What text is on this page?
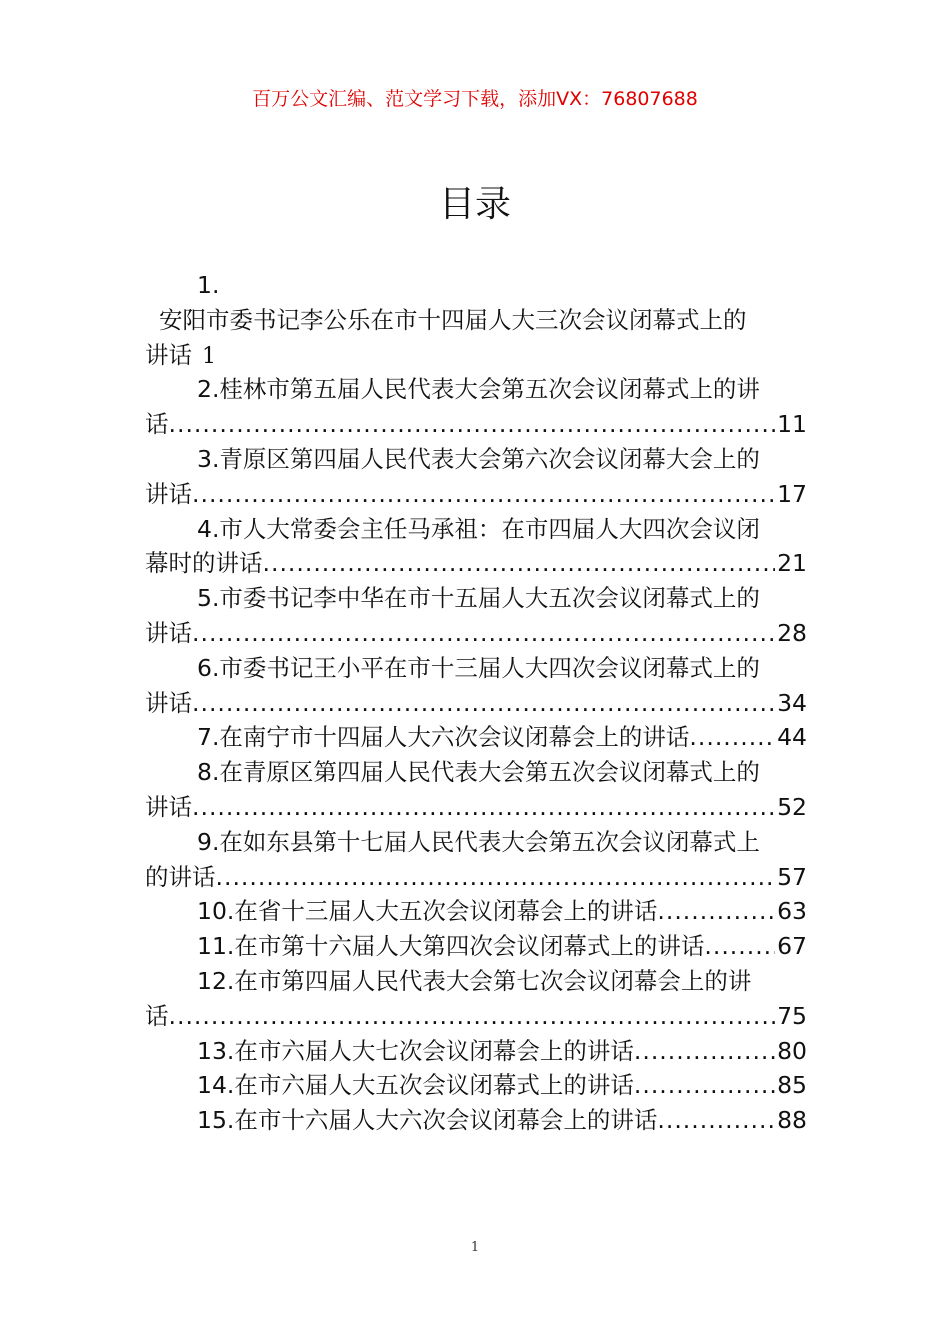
百万公文汇编、范文学习下载，添加VX：76807688
目录
1.
安阳市委书记李公乐在市十四届人大三次会议闭幕式上的
讲话 1
2.桂林市第五届人民代表大会第五次会议闭幕式上的讲
话 .....	11
3.青原区第四届人民代表大会第六次会议闭幕大会上的
讲话 .....	17
4.市人大常委会主任马承祖：在市四届人大四次会议闭
幕时的讲话 .....	21
5.市委书记李中华在市十五届人大五次会议闭幕式上的
讲话 .....	28
6.市委书记王小平在市十三届人大四次会议闭幕式上的
讲话 .....	34
7.在南宁市十四届人大六次会议闭幕会上的讲话 .....	44
8.在青原区第四届人民代表大会第五次会议闭幕式上的
讲话 .....	52
9.在如东县第十七届人民代表大会第五次会议闭幕式上
的讲话 .....	57
10.在省十三届人大五次会议闭幕会上的讲话 .....	63
11.在市第十六届人大第四次会议闭幕式上的讲话 .....	67
12.在市第四届人民代表大会第七次会议闭幕会上的讲
话 .....	75
13.在市六届人大七次会议闭幕会上的讲话 .....	80
14.在市六届人大五次会议闭幕式上的讲话 .....	85
15.在市十六届人大六次会议闭幕会上的讲话 .....	88
1
